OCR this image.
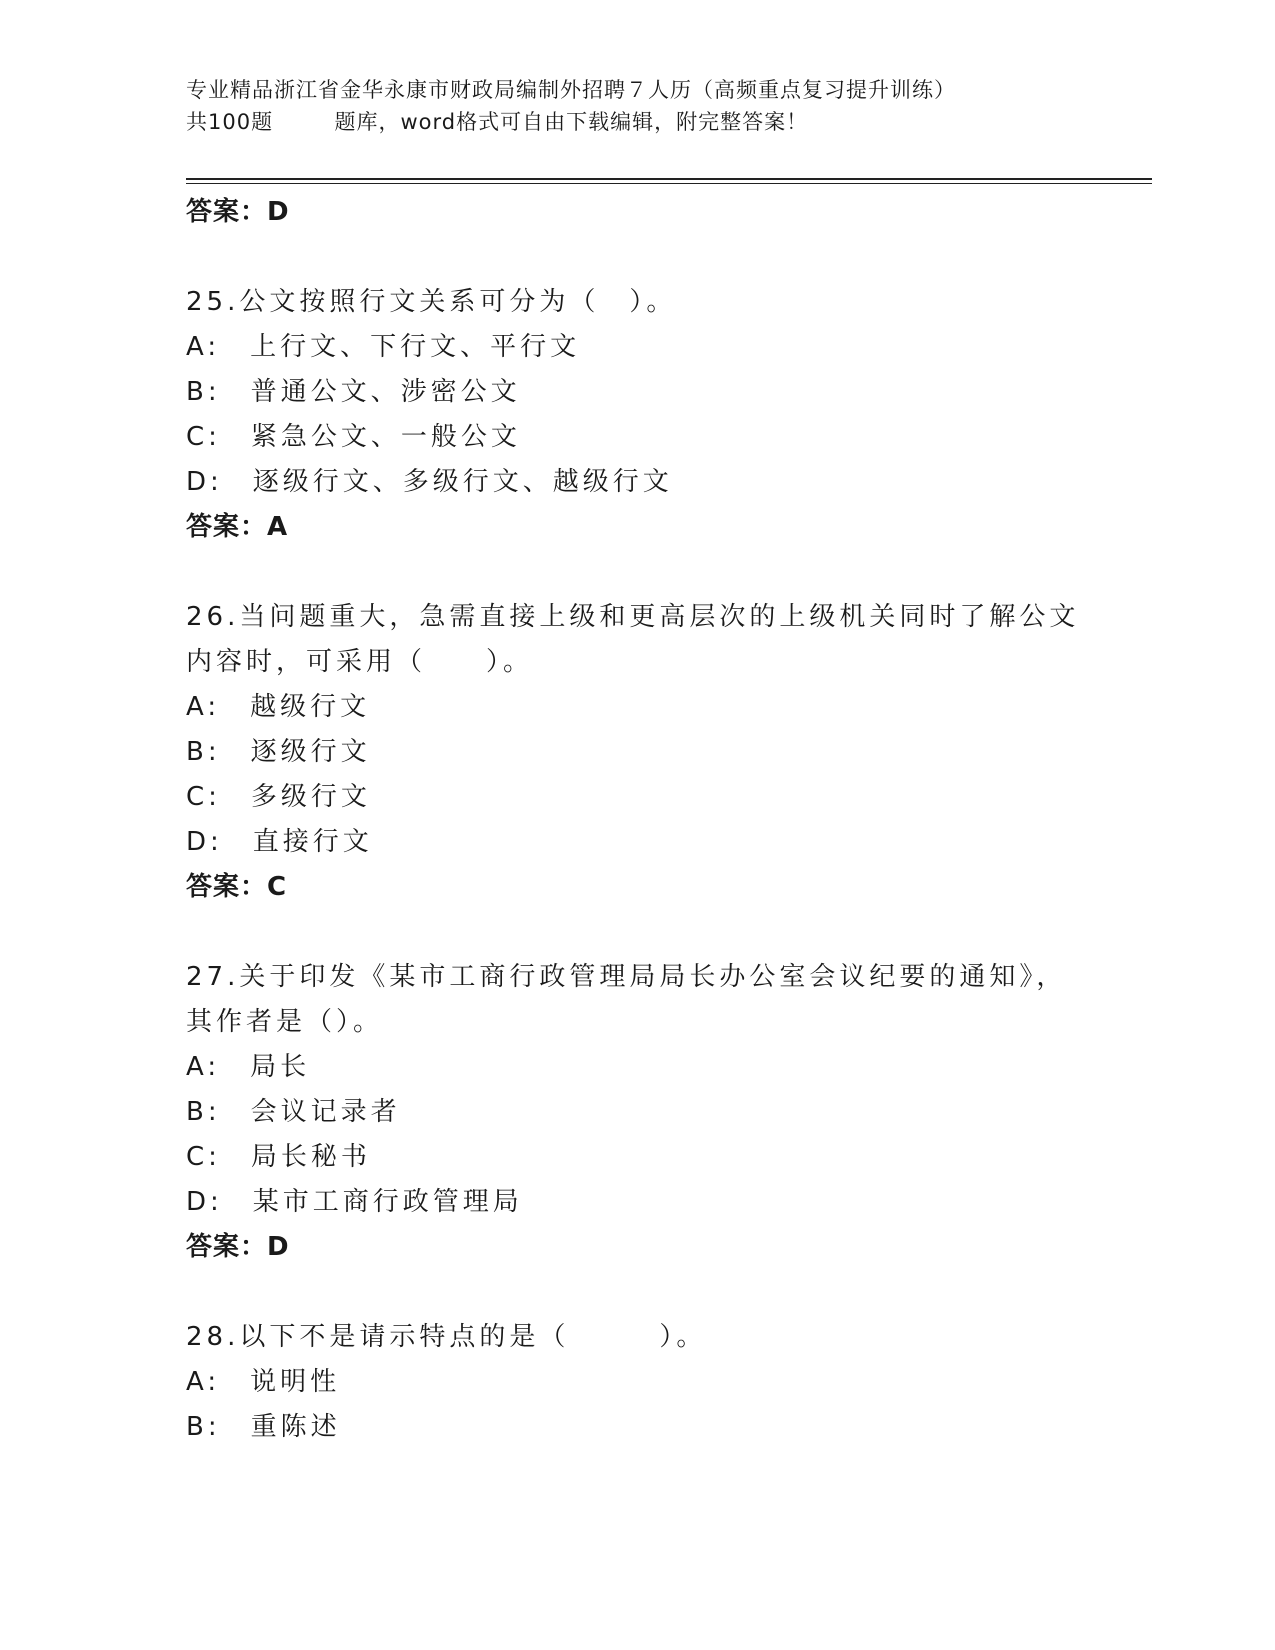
专业精品浙江省金华永康市财政局编制外招聘７人历（高频重点复习提升训练）
共100题        题库，word格式可自由下载编辑，附完整答案！
答案：D
25.公文按照行文关系可分为（　）。
A:　上行文、下行文、平行文
B:　普通公文、涉密公文
C:　紧急公文、一般公文
D:　逐级行文、多级行文、越级行文
答案：A
26.当问题重大，急需直接上级和更高层次的上级机关同时了解公文内容时，可采用（　　）。
A:　越级行文
B:　逐级行文
C:　多级行文
D:　直接行文
答案：C
27.关于印发《某市工商行政管理局局长办公室会议纪要的通知》，其作者是（）。
A:　局长
B:　会议记录者
C:　局长秘书
D:　某市工商行政管理局
答案：D
28.以下不是请示特点的是（　　　）。
A:　说明性
B:　重陈述
